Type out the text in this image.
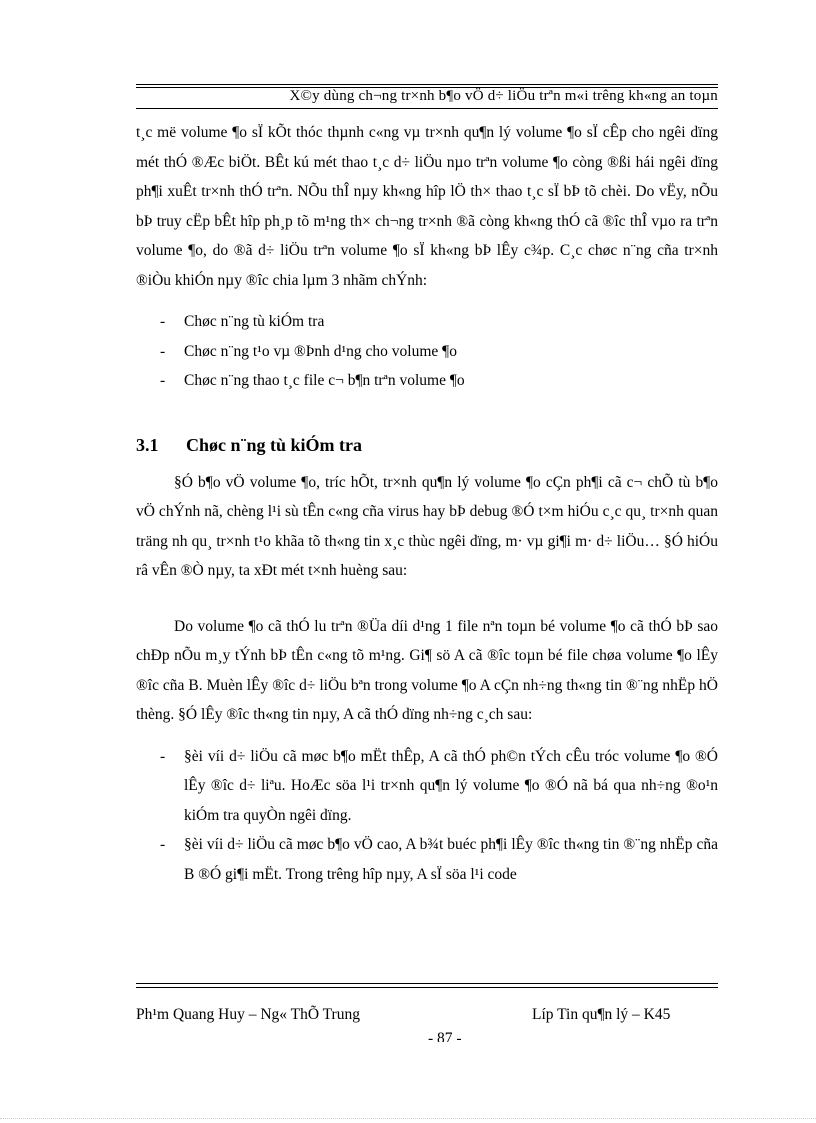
X©y dùng ch¬ng tr×nh b¶o vÖ d÷ liÖu trªn m«i trêng kh«ng an toµn

t¸c më volume ¶o sÏ kÕt thóc thµnh c«ng vµ tr×nh qu¶n lý volume ¶o sÏ cÊp cho ngêi dïng mét thÓ ®Æc biÖt. BÊt kú mét thao t¸c d÷ liÖu nµo trªn volume ¶o còng ®ßi hái ngêi dïng ph¶i xuÊt tr×nh thÓ trªn. NÕu thÎ nµy kh«ng hîp lÖ th× thao t¸c sÏ bÞ tõ chèi. Do vËy, nÕu bÞ truy cËp bÊt hîp ph¸p tõ m¹ng th× ch¬ng tr×nh ®ã còng kh«ng thÓ cã ®îc thÎ vµo ra trªn volume ¶o, do ®ã d÷ liÖu trªn volume ¶o sÏ kh«ng bÞ lÊy c¾p. C¸c chøc n¨ng cña tr×nh ®iÒu khiÓn nµy ®îc chia lµm 3 nhãm chÝnh:

- Chøc n¨ng tù kiÓm tra
- Chøc n¨ng t¹o vµ ®Þnh d¹ng cho volume ¶o
- Chøc n¨ng thao t¸c file c¬ b¶n trªn volume ¶o
3.1 Chøc n¨ng tù kiÓm tra

§Ó b¶o vÖ volume ¶o, tríc hÕt, tr×nh qu¶n lý volume ¶o cÇn ph¶i cã c¬ chÕ tù b¶o vÖ chÝnh nã, chèng l¹i sù tÊn c«ng cña virus hay bÞ debug ®Ó t×m hiÓu c¸c qu¸ tr×nh quan träng nh qu¸ tr×nh t¹o khãa tõ th«ng tin x¸c thùc ngêi dïng, m· vµ gi¶i m· d÷ liÖu… §Ó hiÓu râ vÊn ®Ò nµy, ta xÐt mét t×nh huèng sau:

Do volume ¶o cã thÓ lu trªn ®Üa díi d¹ng 1 file nªn toµn bé volume ¶o cã thÓ bÞ sao chÐp nÕu m¸y tÝnh bÞ tÊn c«ng tõ m¹ng. Gi¶ sö A cã ®îc toµn bé file chøa volume ¶o lÊy ®îc cña B. Muèn lÊy ®îc d÷ liÖu bªn trong volume ¶o A cÇn nh÷ng th«ng tin ®¨ng nhËp hÖ thèng. §Ó lÊy ®îc th«ng tin nµy, A cã thÓ dïng nh÷ng c¸ch sau:

- §èi víi d÷ liÖu cã møc b¶o mËt thÊp, A cã thÓ ph©n tÝch cÊu tróc volume ¶o ®Ó lÊy ®îc d÷ liªu. HoÆc söa l¹i tr×nh qu¶n lý volume ¶o ®Ó nã bá qua nh÷ng ®o¹n kiÓm tra quyÒn ngêi dïng.
- §èi víi d÷ liÖu cã møc b¶o vÖ cao, A b¾t buéc ph¶i lÊy ®îc th«ng tin ®¨ng nhËp cña B ®Ó gi¶i mËt. Trong trêng hîp nµy, A sÏ söa l¹i code
Ph¹m Quang Huy – Ng« ThÕ Trung	Líp Tin qu¶n lý – K45
- 87 -
